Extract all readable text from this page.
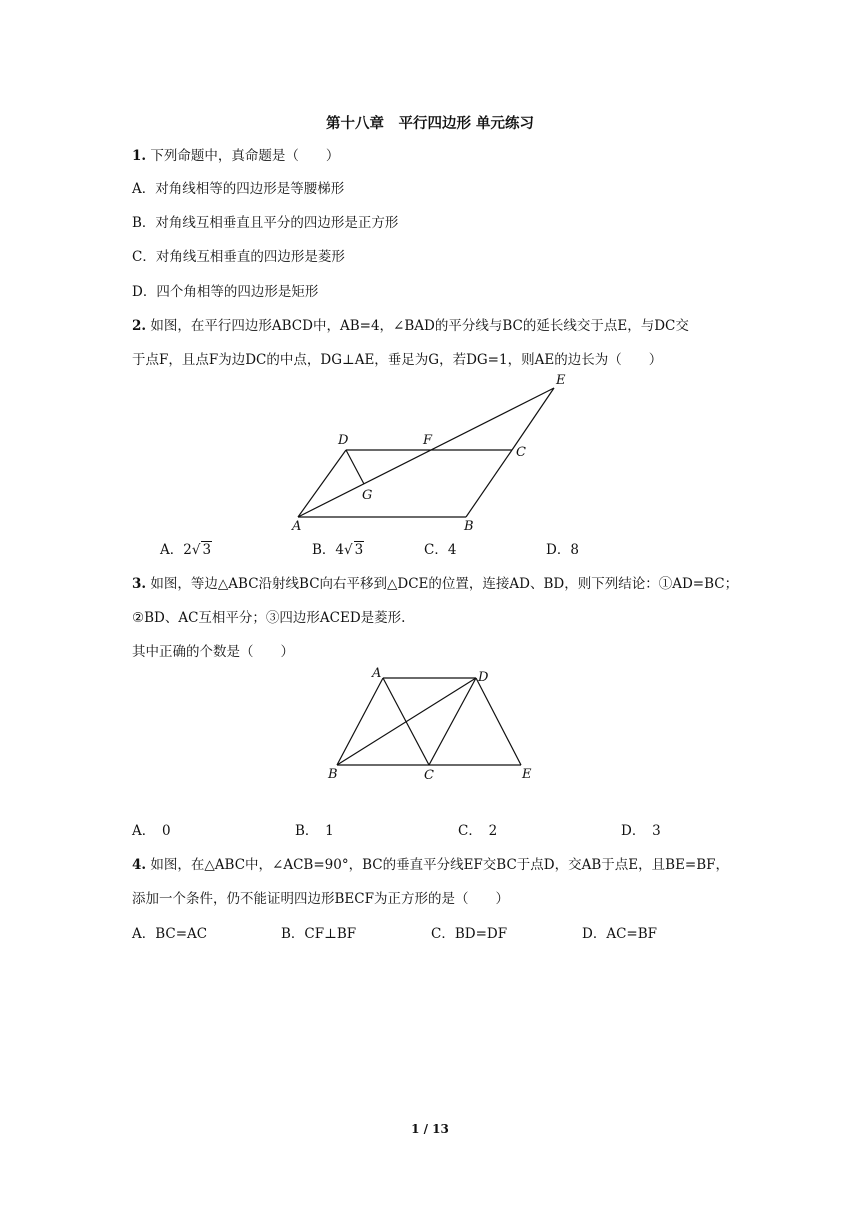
第十八章　平行四边形 单元练习
1. 下列命题中，真命题是（　　）
A．对角线相等的四边形是等腰梯形
B．对角线互相垂直且平分的四边形是正方形
C．对角线互相垂直的四边形是菱形
D．四个角相等的四边形是矩形
2. 如图，在平行四边形ABCD中，AB=4，∠BAD的平分线与BC的延长线交于点E，与DC交
于点F，且点F为边DC的中点，DG⊥AE，垂足为G，若DG=1，则AE的边长为（　　）
E
D	F
C
G
A	B
A．2√ 3	B．4√ 3	C．4	D．8
3. 如图，等边△ABC沿射线BC向右平移到△DCE的位置，连接AD、BD，则下列结论：①AD=BC；
②BD、AC互相平分；③四边形ACED是菱形.
其中正确的个数是（　　）
A	D
B	C	E
A．　0	B．　1	C．　2	D．　3
4. 如图，在△ABC中，∠ACB=90°，BC的垂直平分线EF交BC于点D，交AB于点E，且BE=BF，
添加一个条件，仍不能证明四边形BECF为正方形的是（　　）
A．BC=AC	B．CF⊥BF	C．BD=DF	D．AC=BF
1 / 13
